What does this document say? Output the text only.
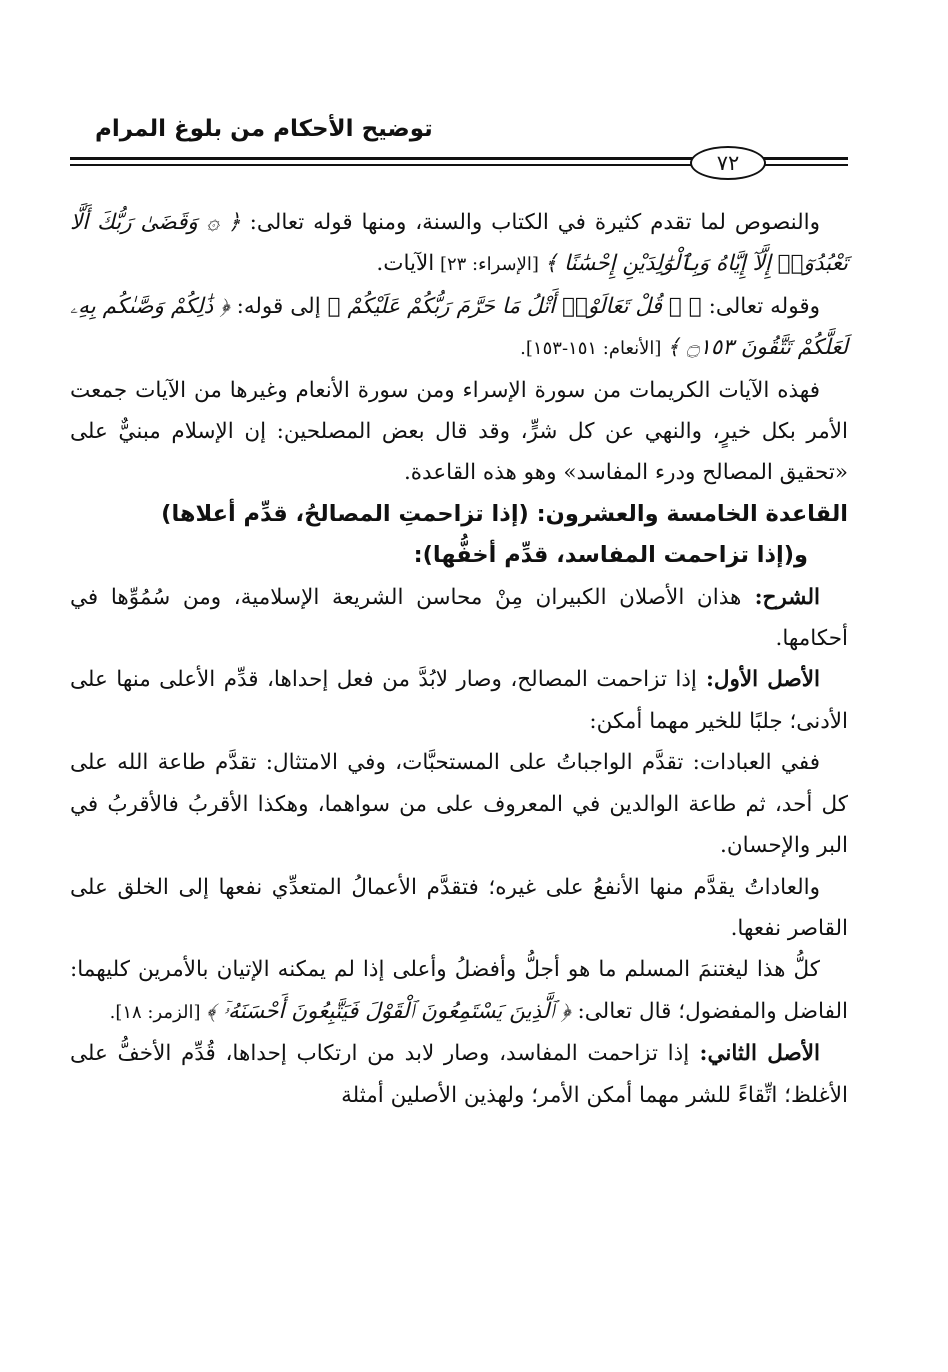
توضيح الأحكام من بلوغ المرام
٧٢

والنصوص لما تقدم كثيرة في الكتاب والسنة، ومنها قوله تعالى: ﴿ ۞ وَقَضَىٰ رَبُّكَ أَلَّا تَعْبُدُوٓا۟ إِلَّآ إِيَّاهُ وَبِٱلْوَٰلِدَيْنِ إِحْسَٰنًا ﴾ [الإسراء: ٢٣] الآيات.

وقوله تعالى: ﴿ ۞ قُلْ تَعَالَوْا۟ أَتْلُ مَا حَرَّمَ رَبُّكُمْ عَلَيْكُمْ ﴾ إلى قوله: ﴿ ذَٰلِكُمْ وَصَّىٰكُم بِهِۦ لَعَلَّكُمْ تَتَّقُونَ ۝١٥٣ ﴾ [الأنعام: ١٥١-١٥٣].

فهذه الآيات الكريمات من سورة الإسراء ومن سورة الأنعام وغيرها من الآيات جمعت الأمر بكل خيرٍ، والنهي عن كل شرٍّ، وقد قال بعض المصلحين: إن الإسلام مبنيٌّ على «تحقيق المصالح ودرء المفاسد» وهو هذه القاعدة.

القاعدة الخامسة والعشرون: (إذا تزاحمتِ المصالحُ، قدِّم أعلاها)

و(إذا تزاحمت المفاسد، قدِّم أخفُّها):

الشرح: هذان الأصلان الكبيران مِنْ محاسن الشريعة الإسلامية، ومن سُمُوِّها في أحكامها.

الأصل الأول: إذا تزاحمت المصالح، وصار لابُدَّ من فعل إحداها، قدِّم الأعلى منها على الأدنى؛ جلبًا للخير مهما أمكن:

ففي العبادات: تقدَّم الواجباتُ على المستحبَّات، وفي الامتثال: تقدَّم طاعة الله على كل أحد، ثم طاعة الوالدين في المعروف على من سواهما، وهكذا الأقربُ فالأقربُ في البر والإحسان.

والعاداتُ يقدَّم منها الأنفعُ على غيره؛ فتقدَّم الأعمالُ المتعدِّي نفعها إلى الخلق على القاصر نفعها.

كلُّ هذا ليغتنمَ المسلم ما هو أجلُّ وأفضلُ وأعلى إذا لم يمكنه الإتيان بالأمرين كليهما: الفاضل والمفضول؛ قال تعالى: ﴿ ٱلَّذِينَ يَسْتَمِعُونَ ٱلْقَوْلَ فَيَتَّبِعُونَ أَحْسَنَهُۥٓ ﴾ [الزمر: ١٨].

الأصل الثاني: إذا تزاحمت المفاسد، وصار لابد من ارتكاب إحداها، قُدِّم الأخفُّ على الأغلظ؛ اتِّقاءً للشر مهما أمكن الأمر؛ ولهذين الأصلين أمثلة
